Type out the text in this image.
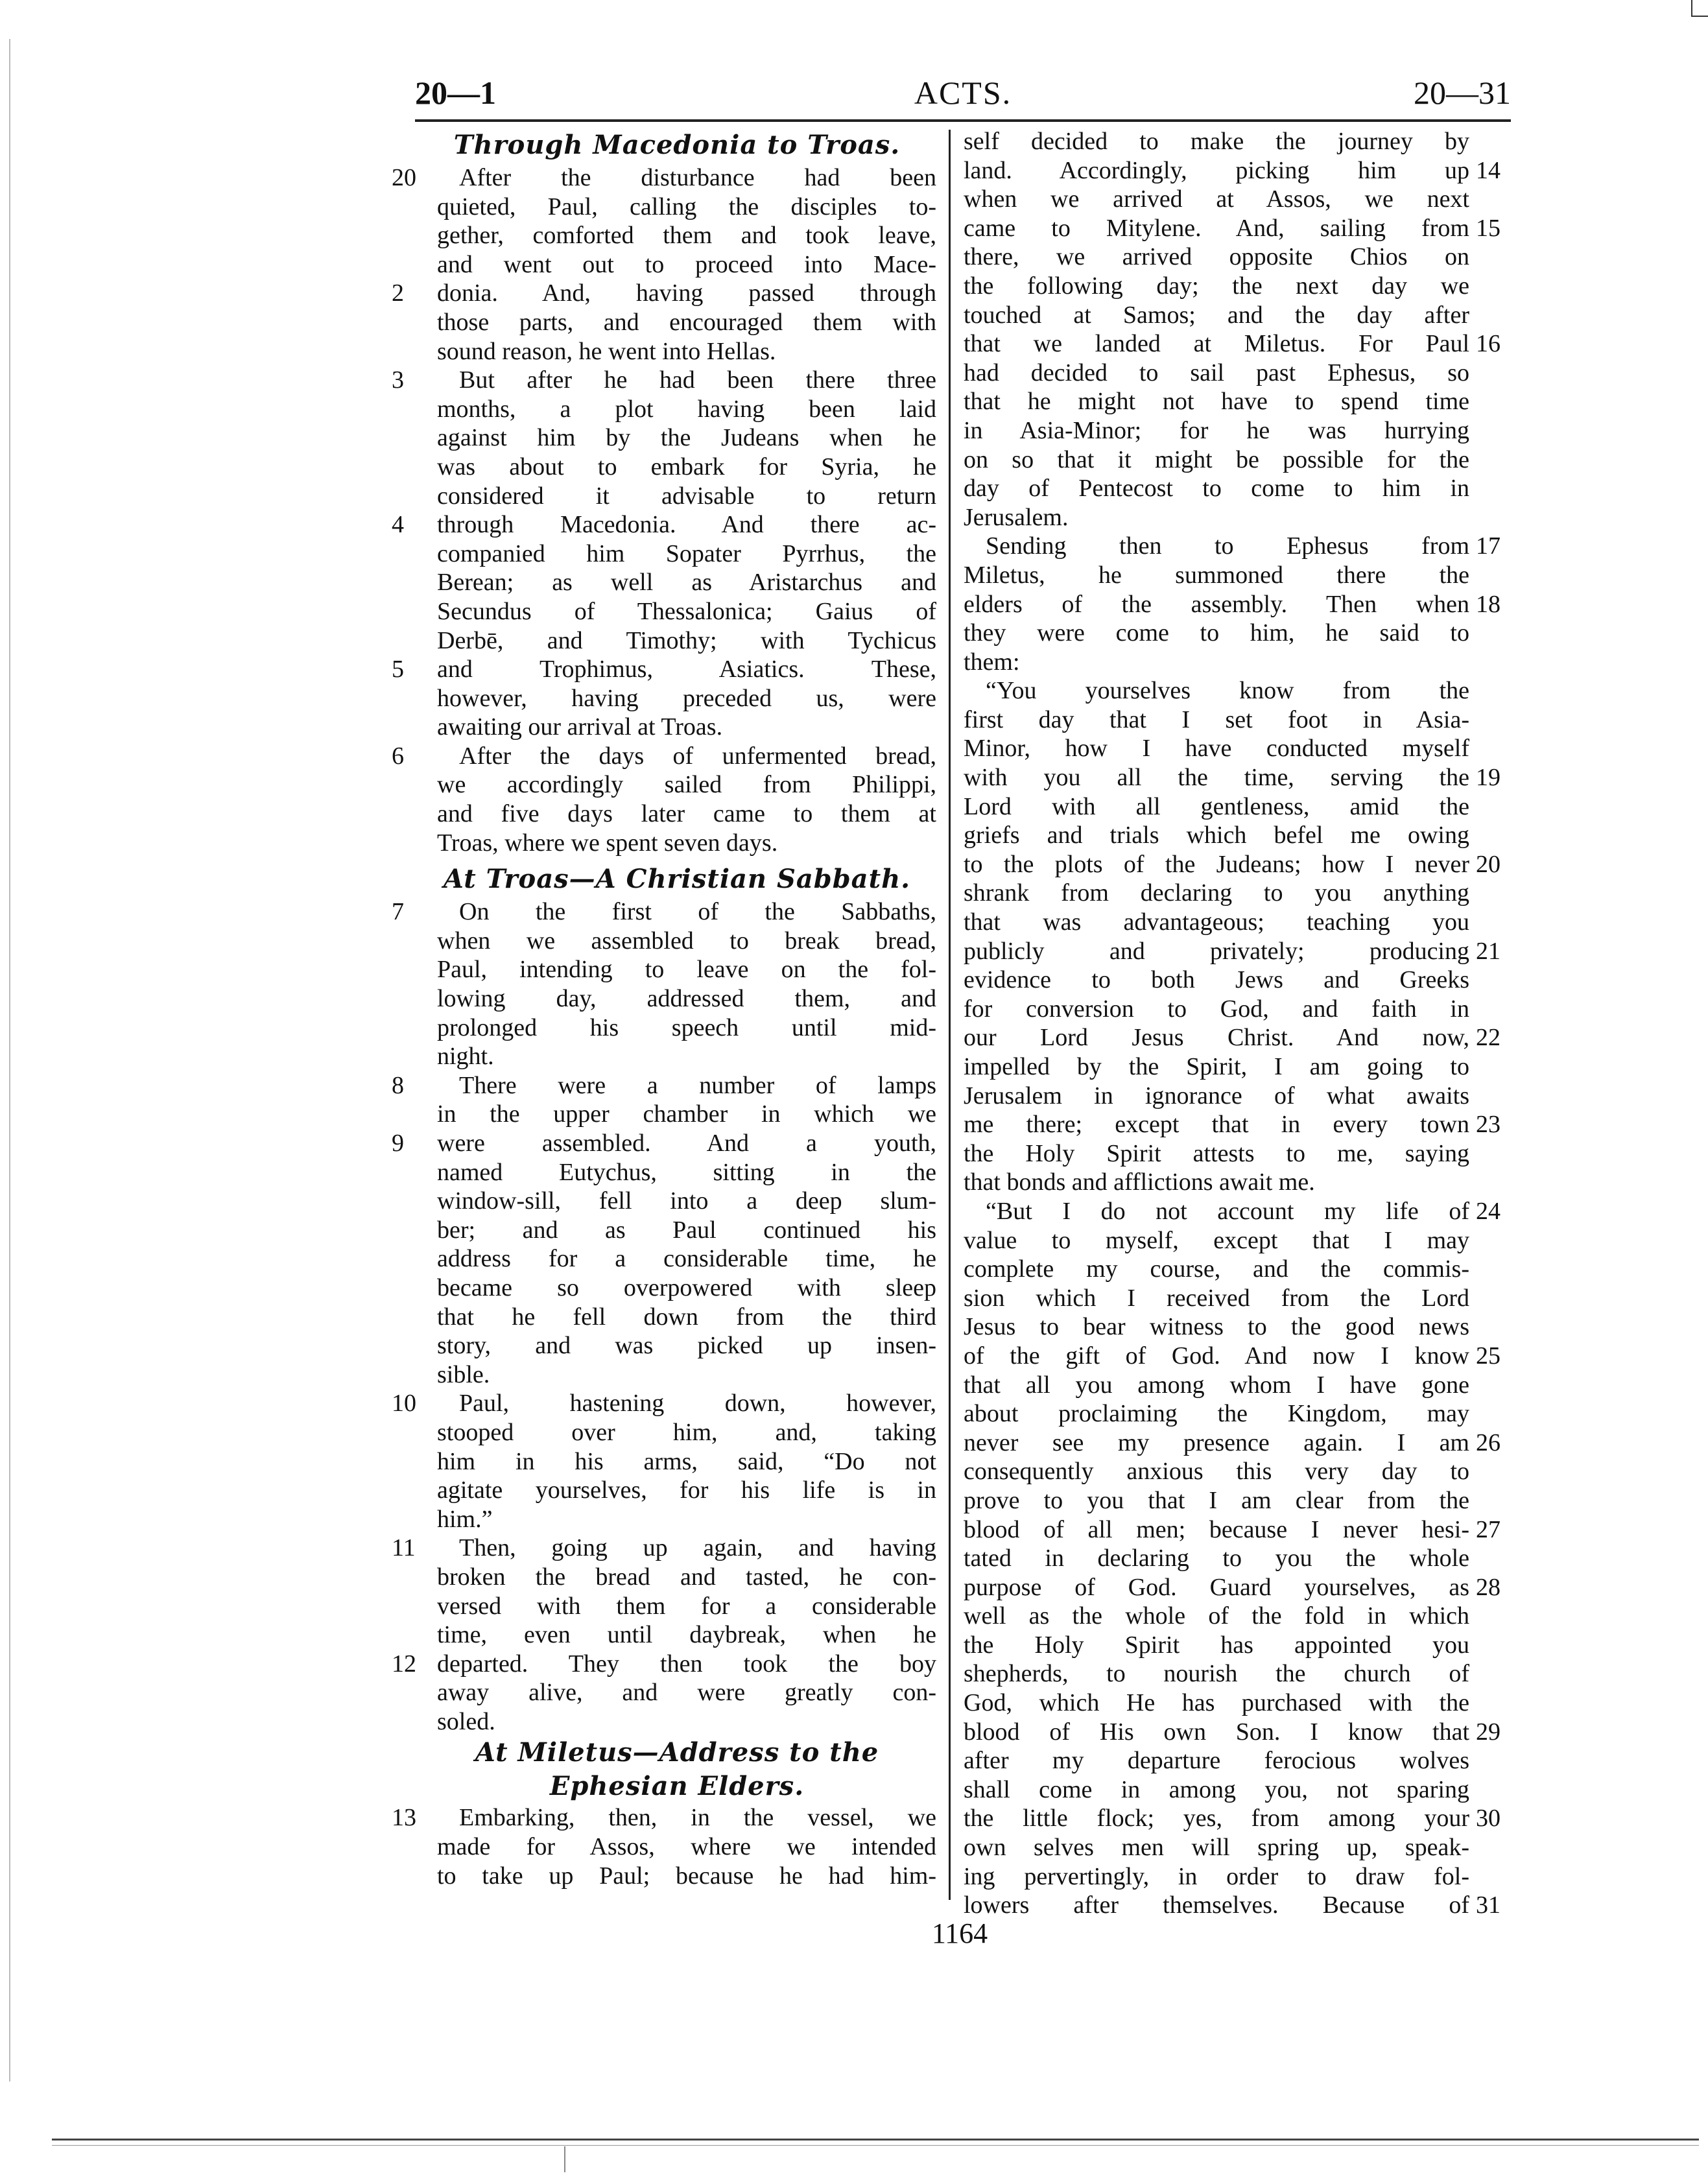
20—1	ACTS.	20—31
Through Macedonia to Troas.
20	After the disturbance had been
quieted, Paul, calling the disciples to-
gether, comforted them and took leave,
and went out to proceed into Mace-
2	donia. And, having passed through
those parts, and encouraged them with
sound reason, he went into Hellas.
3	But after he had been there three
months, a plot having been laid
against him by the Judeans when he
was about to embark for Syria, he
considered it advisable to return
4	through Macedonia. And there ac-
companied him Sopater Pyrrhus, the
Berean; as well as Aristarchus and
Secundus of Thessalonica; Gaius of
Derbē, and Timothy; with Tychicus
5	and Trophimus, Asiatics. These,
however, having preceded us, were
awaiting our arrival at Troas.
6	After the days of unfermented bread,
we accordingly sailed from Philippi,
and five days later came to them at
Troas, where we spent seven days.
At Troas—A Christian Sabbath.
7	On the first of the Sabbaths,
when we assembled to break bread,
Paul, intending to leave on the fol-
lowing day, addressed them, and
prolonged his speech until mid-
night.
8	There were a number of lamps
in the upper chamber in which we
9	were assembled. And a youth,
named Eutychus, sitting in the
window-sill, fell into a deep slum-
ber; and as Paul continued his
address for a considerable time, he
became so overpowered with sleep
that he fell down from the third
story, and was picked up insen-
sible.
10	Paul, hastening down, however,
stooped over him, and, taking
him in his arms, said, “Do not
agitate yourselves, for his life is in
him.”
11	Then, going up again, and having
broken the bread and tasted, he con-
versed with them for a considerable
time, even until daybreak, when he
12 departed. They then took the boy
away alive, and were greatly con-
soled.
At Miletus—Address to the
Ephesian Elders.
13	Embarking, then, in the vessel, we
made for Assos, where we intended
to take up Paul; because he had him-
self decided to make the journey by
14
land. Accordingly, picking him up
when we arrived at Assos, we next
15
came to Mitylene. And, sailing from
there, we arrived opposite Chios on
the following day; the next day we
touched at Samos; and the day after
16
that we landed at Miletus. For Paul
had decided to sail past Ephesus, so
that he might not have to spend time
in Asia-Minor; for he was hurrying
on so that it might be possible for the
day of Pentecost to come to him in
Jerusalem.
17
Sending then to Ephesus from
Miletus, he summoned there the
18
elders of the assembly. Then when
they were come to him, he said to
them:
“You yourselves know from the
first day that I set foot in Asia-
Minor, how I have conducted myself
19
with you all the time, serving the
Lord with all gentleness, amid the
griefs and trials which befel me owing
20
to the plots of the Judeans; how I never
shrank from declaring to you anything
that was advantageous; teaching you
21
publicly and privately; producing
evidence to both Jews and Greeks
for conversion to God, and faith in
22
our Lord Jesus Christ. And now,
impelled by the Spirit, I am going to
Jerusalem in ignorance of what awaits
23
me there; except that in every town
the Holy Spirit attests to me, saying
that bonds and afflictions await me.
24
“But I do not account my life of
value to myself, except that I may
complete my course, and the commis-
sion which I received from the Lord
Jesus to bear witness to the good news
25
of the gift of God. And now I know
that all you among whom I have gone
about proclaiming the Kingdom, may
26
never see my presence again. I am
consequently anxious this very day to
prove to you that I am clear from the
27
blood of all men; because I never hesi-
tated in declaring to you the whole
28
purpose of God. Guard yourselves, as
well as the whole of the fold in which
the Holy Spirit has appointed you
shepherds, to nourish the church of
God, which He has purchased with the
29
blood of His own Son. I know that
after my departure ferocious wolves
shall come in among you, not sparing
30
the little flock; yes, from among your
own selves men will spring up, speak-
ing pervertingly, in order to draw fol-
31
lowers after themselves. Because of
1164
